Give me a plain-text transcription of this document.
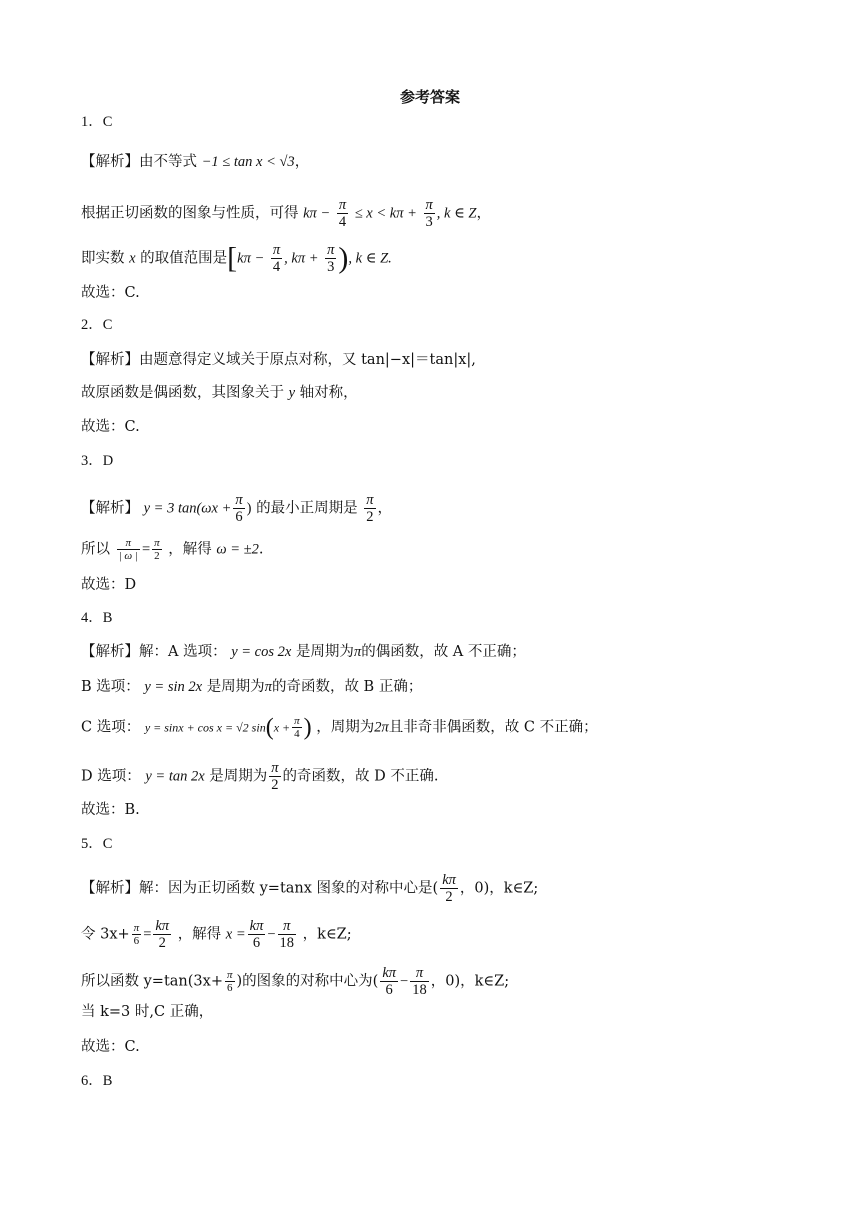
参考答案
1．C
【解析】由不等式 −1 ≤ tan x < √3，
根据正切函数的图象与性质，可得 $k\pi - \frac{\pi}{4} \le x < k\pi + \frac{\pi}{3}$ , k ∈ Z，
即实数 x 的取值范围是[$k\pi - \frac{\pi}{4}$ , $k\pi + \frac{\pi}{3}$ ), k ∈ Z.
故选：C.
2．C
【解析】由题意得定义域关于原点对称，又 tan|−x|＝tan|x|,
故原函数是偶函数，其图象关于 y 轴对称，
故选：C.
3．D
【解析】 y = 3 $\tan(\omega x + \frac{\pi}{6}$ ) 的最小正周期是 $\frac{\pi}{2}$ ，
所以 $\frac{\pi}{| \omega |} = \frac{\pi}{2}$ ，解得 ω = ±2.
故选：D
4．B
【解析】解：A 选项： y = cos 2x 是周期为π的偶函数，故 A 不正确；
B 选项： y = sin 2x 是周期为π的奇函数，故 B 正确；
C 选项： y = sinx + cos x = √2 $\sin(x + \frac{\pi}{4}$ ) ，周期为2π且非奇非偶函数，故 C 不正确；
D 选项： y = tan 2x 是周期为 $\frac{\pi}{2}$ 的奇函数，故 D 不正确.
故选：B.
5．C
【解析】解：因为正切函数 y=tanx 图象的对称中心是( $\frac{k\pi}{2}$ ，0)，k∈Z;
令 $3x+ \frac{\pi}{6} = \frac{k\pi}{2}$ ，解得 $x = \frac{k\pi}{6} - \frac{\pi}{18}$ ，k∈Z;
所以函数 $y=\tan(3x+ \frac{\pi}{6}$ )的图象的对称中心为( $\frac{k\pi}{6} - \frac{\pi}{18}$ ，0)，k∈Z;
当 k=3 时,C 正确，
故选：C.
6．B
